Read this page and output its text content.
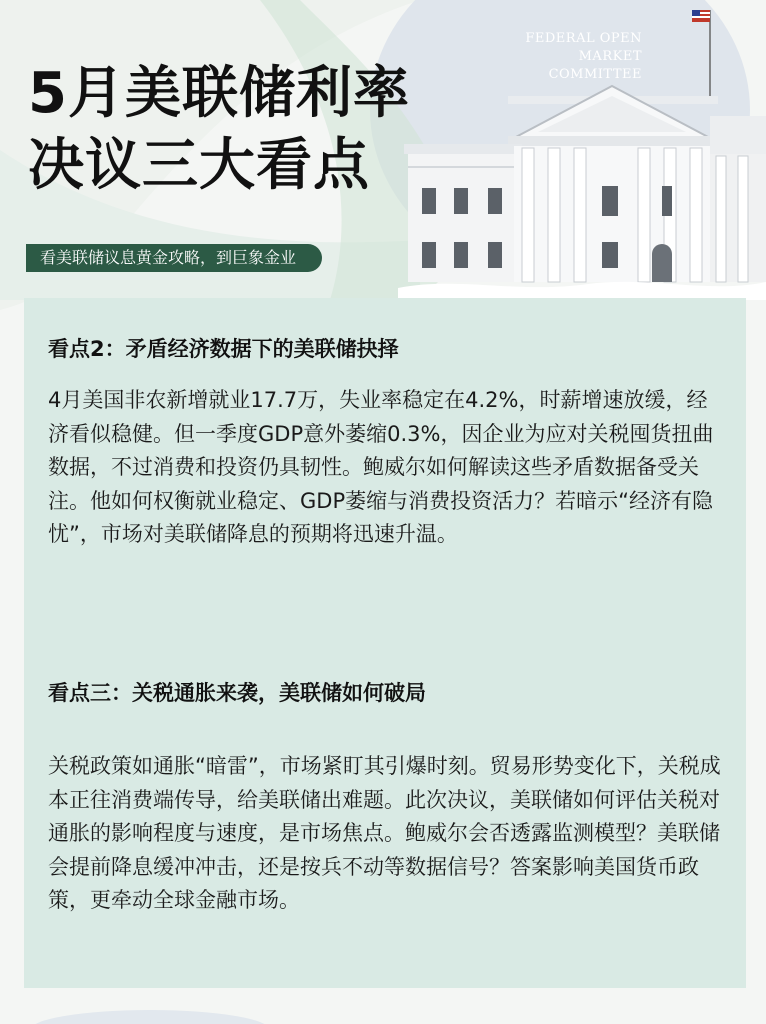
FEDERAL OPEN
MARKET
COMMITTEE
5月美联储利率
决议三大看点
看美联储议息黄金攻略，到巨象金业
看点2：矛盾经济数据下的美联储抉择

4月美国非农新增就业17.7万，失业率稳定在4.2%，时薪增速放缓，经济看似稳健。但一季度GDP意外萎缩0.3%，因企业为应对关税囤货扭曲数据，不过消费和投资仍具韧性。鲍威尔如何解读这些矛盾数据备受关注。他如何权衡就业稳定、GDP萎缩与消费投资活力？若暗示“经济有隐忧”，市场对美联储降息的预期将迅速升温。

看点三：关税通胀来袭，美联储如何破局

关税政策如通胀“暗雷”，市场紧盯其引爆时刻。贸易形势变化下，关税成本正往消费端传导，给美联储出难题。此次决议，美联储如何评估关税对通胀的影响程度与速度，是市场焦点。鲍威尔会否透露监测模型？美联储会提前降息缓冲冲击，还是按兵不动等数据信号？答案影响美国货币政策，更牵动全球金融市场。
